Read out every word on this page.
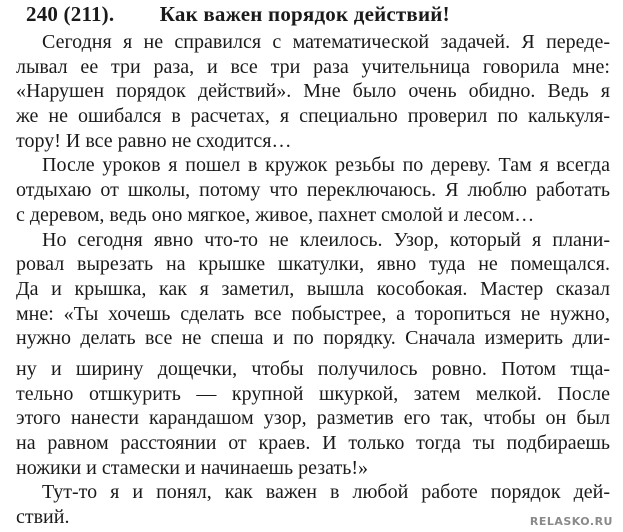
240 (211). Как важен порядок действий!
Сегодня я не справился с математической задачей. Я переде-
лывал ее три раза, и все три раза учительница говорила мне:
«Нарушен порядок действий». Мне было очень обидно. Ведь я
же не ошибался в расчетах, я специально проверил по калькуля-
тору! И все равно не сходится…
После уроков я пошел в кружок резьбы по дереву. Там я всегда
отдыхаю от школы, потому что переключаюсь. Я люблю работать
с деревом, ведь оно мягкое, живое, пахнет смолой и лесом…
Но сегодня явно что-то не клеилось. Узор, который я плани-
ровал вырезать на крышке шкатулки, явно туда не помещался.
Да и крышка, как я заметил, вышла кособокая. Мастер сказал
мне: «Ты хочешь сделать все побыстрее, а торопиться не нужно,
нужно делать все не спеша и по порядку. Сначала измерить дли-
ну и ширину дощечки, чтобы получилось ровно. Потом тща-
тельно отшкурить — крупной шкуркой, затем мелкой. После
этого нанести карандашом узор, разметив его так, чтобы он был
на равном расстоянии от краев. И только тогда ты подбираешь
ножики и стамески и начинаешь резать!»
Тут-то я и понял, как важен в любой работе порядок дей-
ствий.	RELASKO.RU
